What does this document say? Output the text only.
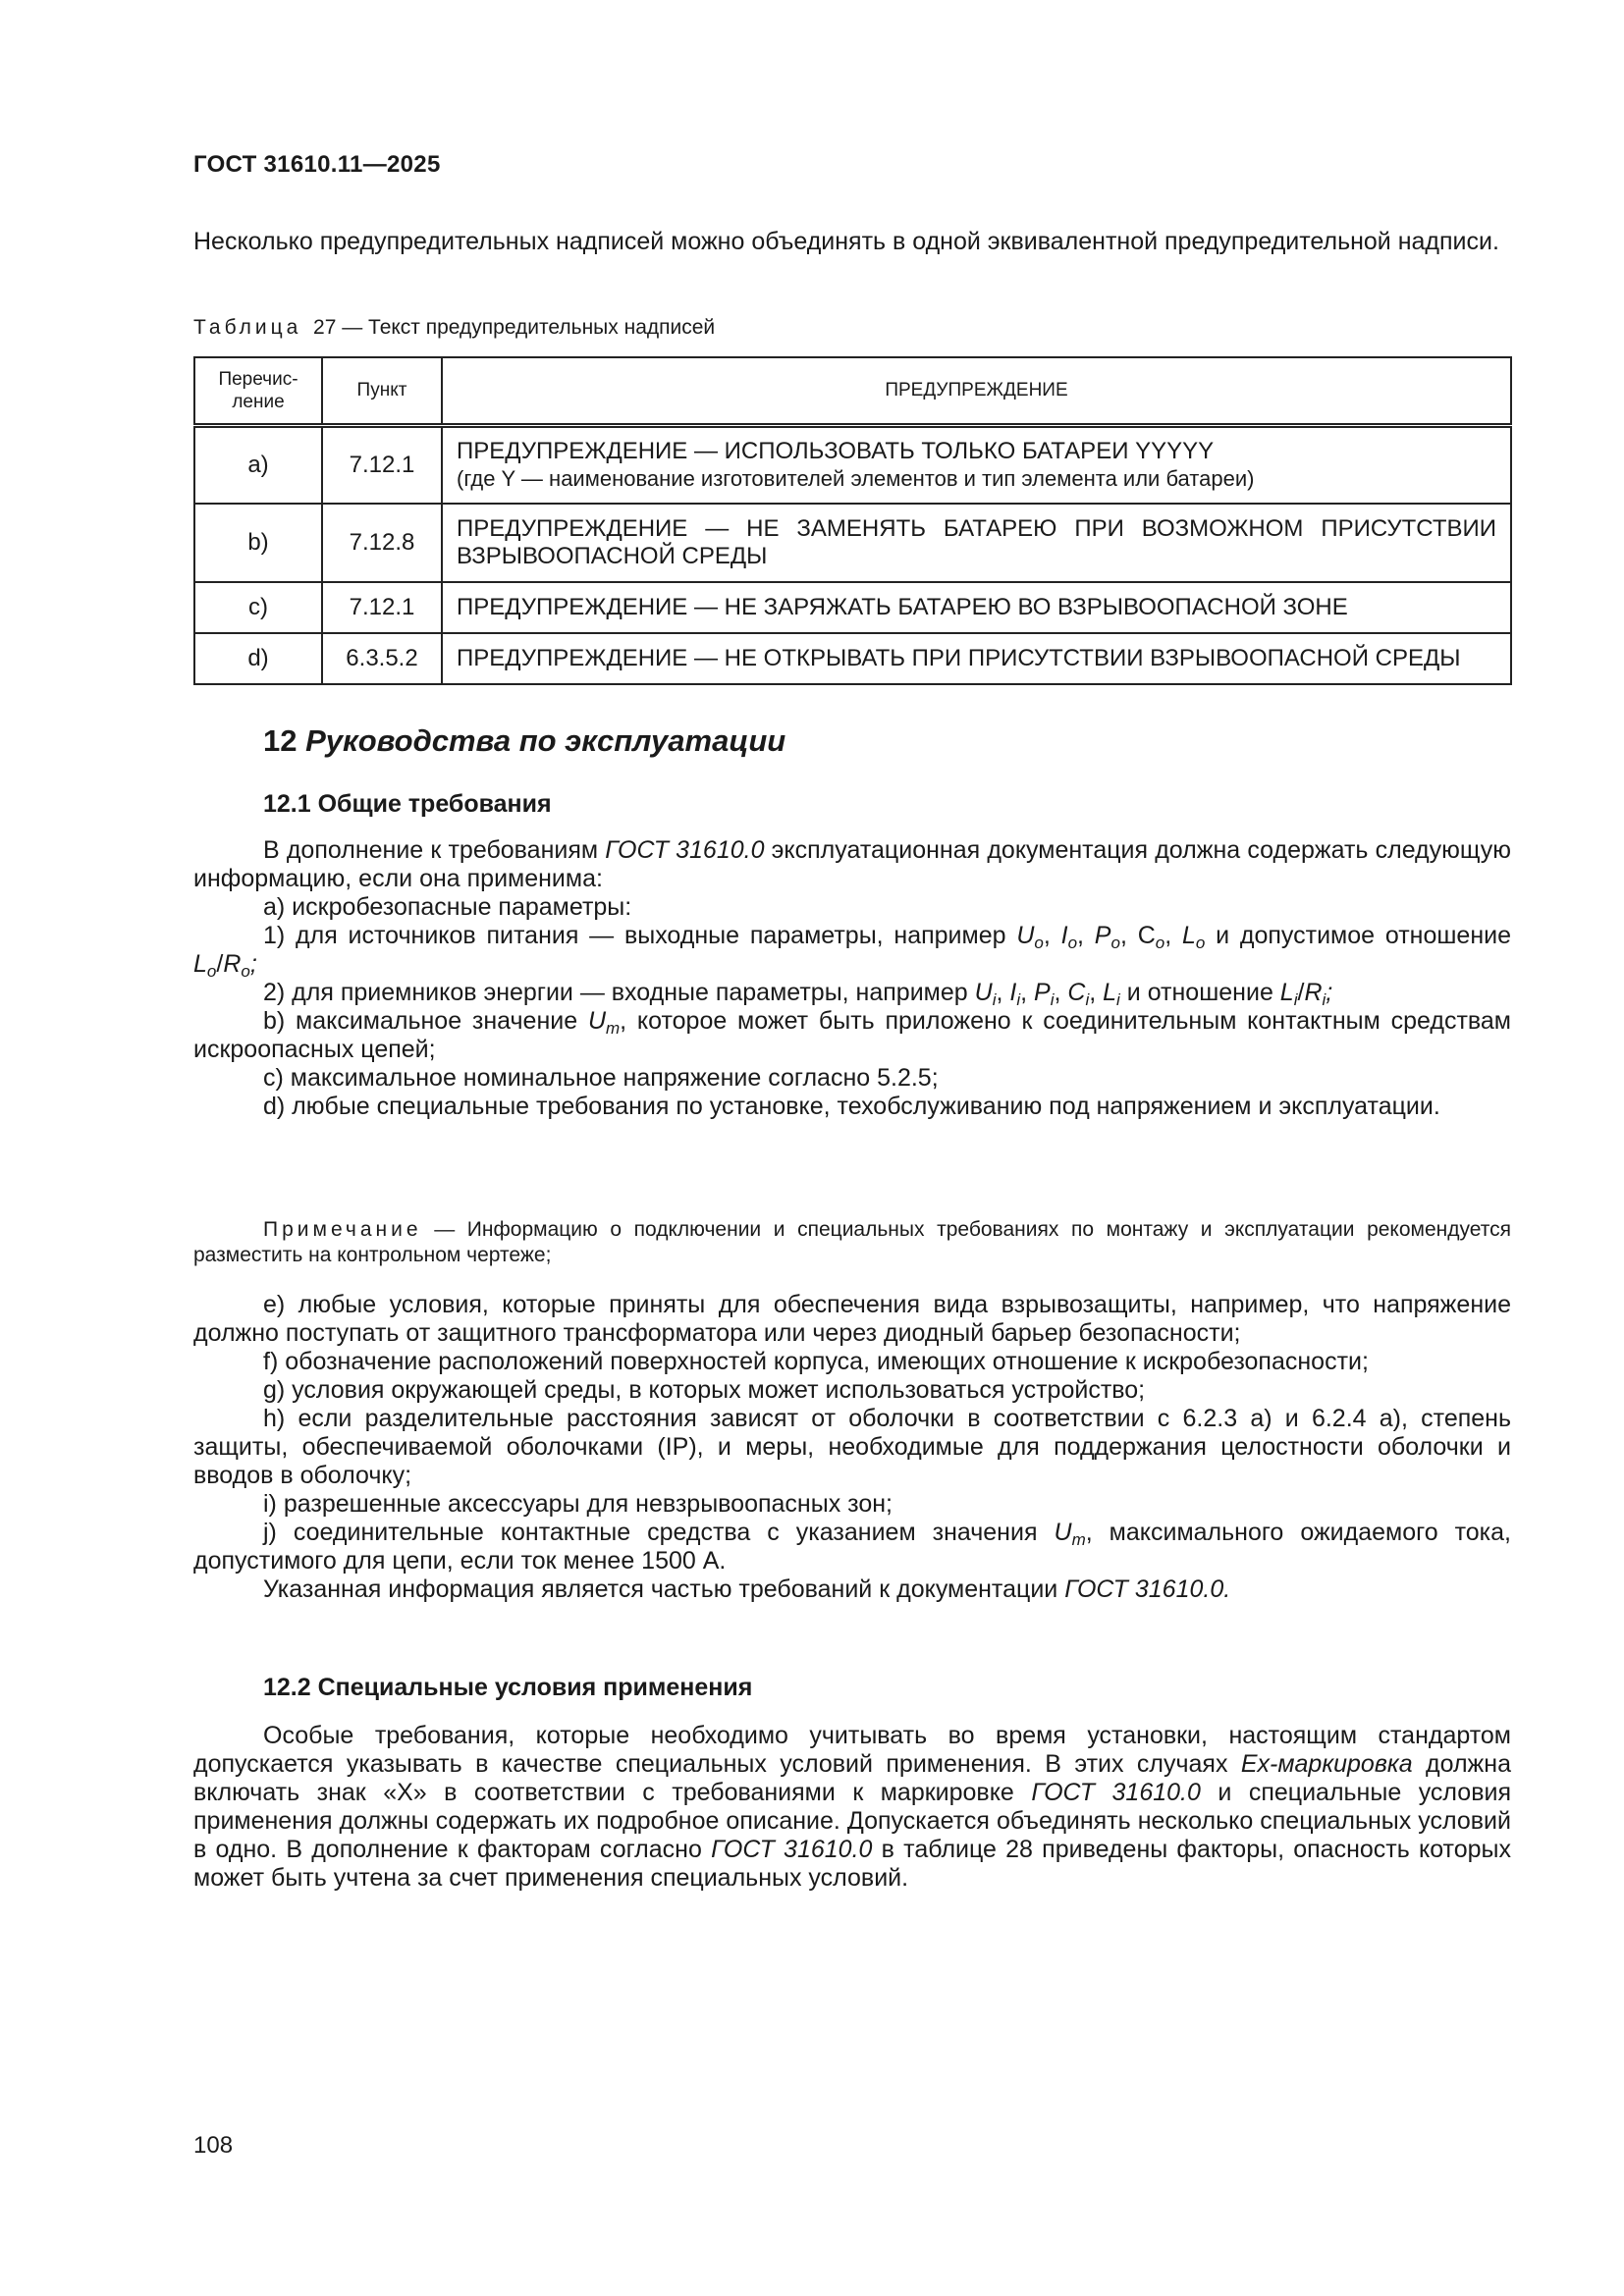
ГОСТ 31610.11—2025
Несколько предупредительных надписей можно объединять в одной эквивалентной предупредительной надписи.
Таблица 27 — Текст предупредительных надписей
Перечис-ление	Пункт	ПРЕДУПРЕЖДЕНИЕ
а)	7.12.1	ПРЕДУПРЕЖДЕНИЕ — ИСПОЛЬЗОВАТЬ ТОЛЬКО БАТАРЕИ YYYYY
(где Y — наименование изготовителей элементов и тип элемента или батареи)

b)	7.12.8	ПРЕДУПРЕЖДЕНИЕ — НЕ ЗАМЕНЯТЬ БАТАРЕЮ ПРИ ВОЗМОЖНОМ ПРИСУТСТВИИ ВЗРЫВООПАСНОЙ СРЕДЫ
c)	7.12.1	ПРЕДУПРЕЖДЕНИЕ — НЕ ЗАРЯЖАТЬ БАТАРЕЮ ВО ВЗРЫВООПАСНОЙ ЗОНЕ
d)	6.3.5.2	ПРЕДУПРЕЖДЕНИЕ — НЕ ОТКРЫВАТЬ ПРИ ПРИСУТСТВИИ ВЗРЫВООПАСНОЙ СРЕДЫ
12 Руководства по эксплуатации
12.1 Общие требования

В дополнение к требованиям ГОСТ 31610.0 эксплуатационная документация должна содержать следующую информацию, если она применима:

а) искробезопасные параметры:

1) для источников питания — выходные параметры, например $U_o$, $I_o$, $P_o$, $C_o$, $L_o$ и допустимое отношение $L_o/R_o$;

2) для приемников энергии — входные параметры, например $U_i$, $I_i$, $P_i$, $C_i$, $L_i$ и отношение $L_i/R_i$;

b) максимальное значение $U_m$, которое может быть приложено к соединительным контактным средствам искроопасных цепей;

с) максимальное номинальное напряжение согласно 5.2.5;

d) любые специальные требования по установке, техобслуживанию под напряжением и эксплуатации.

Примечание — Информацию о подключении и специальных требованиях по монтажу и эксплуатации рекомендуется разместить на контрольном чертеже;

е) любые условия, которые приняты для обеспечения вида взрывозащиты, например, что напряжение должно поступать от защитного трансформатора или через диодный барьер безопасности;

f) обозначение расположений поверхностей корпуса, имеющих отношение к искробезопасности;

g) условия окружающей среды, в которых может использоваться устройство;

h) если разделительные расстояния зависят от оболочки в соответствии с 6.2.3 а) и 6.2.4 а), степень защиты, обеспечиваемой оболочками (IP), и меры, необходимые для поддержания целостности оболочки и вводов в оболочку;

i) разрешенные аксессуары для невзрывоопасных зон;

j) соединительные контактные средства с указанием значения $U_m$, максимального ожидаемого тока, допустимого для цепи, если ток менее 1500 А.

Указанная информация является частью требований к документации ГОСТ 31610.0.

12.2 Специальные условия применения

Особые требования, которые необходимо учитывать во время установки, настоящим стандартом допускается указывать в качестве специальных условий применения. В этих случаях Ex-маркировка должна включать знак «X» в соответствии с требованиями к маркировке ГОСТ 31610.0 и специальные условия применения должны содержать их подробное описание. Допускается объединять несколько специальных условий в одно. В дополнение к факторам согласно ГОСТ 31610.0 в таблице 28 приведены факторы, опасность которых может быть учтена за счет применения специальных условий.

108
